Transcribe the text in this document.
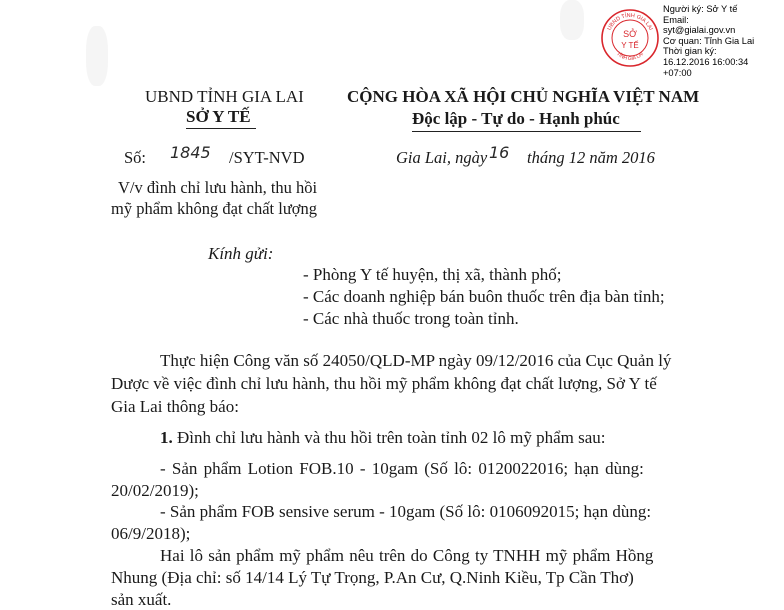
UBND TỈNH GIA LAI
TỈNH GIA LAI
SỞ
Y TẾ
Người ký: Sở Y tế
Email:
syt@gialai.gov.vn
Cơ quan: Tỉnh Gia Lai
Thời gian ký:
16.12.2016 16:00:34
+07:00
UBND TỈNH GIA LAI
SỞ Y TẾ
CỘNG HÒA XÃ HỘI CHỦ NGHĨA VIỆT NAM
Độc lập - Tự do - Hạnh phúc
Số: 1845 /SYT-NVD	Gia Lai, ngày 16 tháng 12 năm 2016
V/v đình chỉ lưu hành, thu hồi
mỹ phẩm không đạt chất lượng
Kính gửi:
- Phòng Y tế huyện, thị xã, thành phố;
- Các doanh nghiệp bán buôn thuốc trên địa bàn tỉnh;
- Các nhà thuốc trong toàn tỉnh.
Thực hiện Công văn số 24050/QLD-MP ngày 09/12/2016 của Cục Quản lý
Dược về việc đình chỉ lưu hành, thu hồi mỹ phẩm không đạt chất lượng, Sở Y tế
Gia Lai thông báo:
1. Đình chỉ lưu hành và thu hồi trên toàn tỉnh 02 lô mỹ phẩm sau:
- Sản phẩm Lotion FOB.10 - 10gam (Số lô: 0120022016; hạn dùng:
20/02/2019);
- Sản phẩm FOB sensive serum - 10gam (Số lô: 0106092015; hạn dùng:
06/9/2018);
Hai lô sản phẩm mỹ phẩm nêu trên do Công ty TNHH mỹ phẩm Hồng
Nhung (Địa chỉ: số 14/14 Lý Tự Trọng, P.An Cư, Q.Ninh Kiều, Tp Cần Thơ)
sản xuất.
